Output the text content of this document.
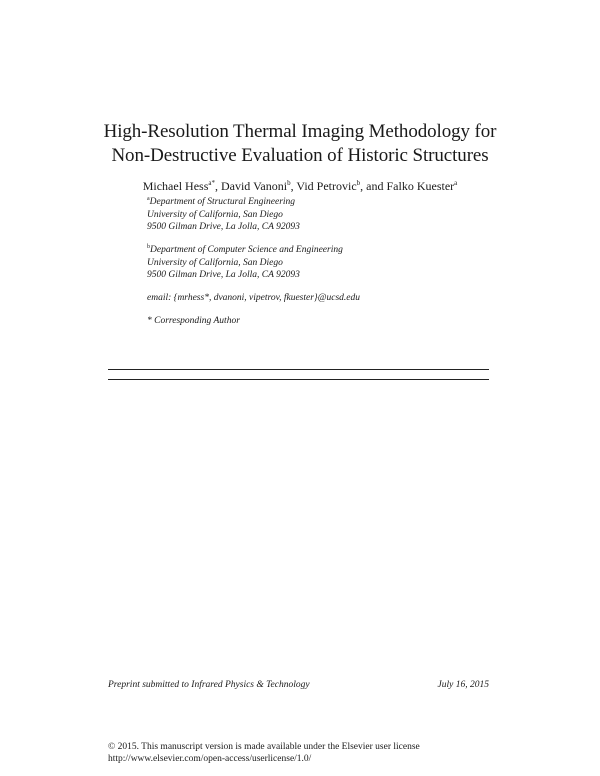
High-Resolution Thermal Imaging Methodology for
Non-Destructive Evaluation of Historic Structures
Michael Hess$^{a*}$, David Vanoni$^b$, Vid Petrovic$^b$, and Falko Kuester$^a$
$^a$Department of Structural Engineering
University of California, San Diego
9500 Gilman Drive, La Jolla, CA 92093
$^b$Department of Computer Science and Engineering
University of California, San Diego
9500 Gilman Drive, La Jolla, CA 92093
email: {mrhess*, dvanoni, vipetrov, fkuester}@ucsd.edu
* Corresponding Author
Preprint submitted to Infrared Physics & Technology	July 16, 2015
© 2015. This manuscript version is made available under the Elsevier user license
http://www.elsevier.com/open-access/userlicense/1.0/
